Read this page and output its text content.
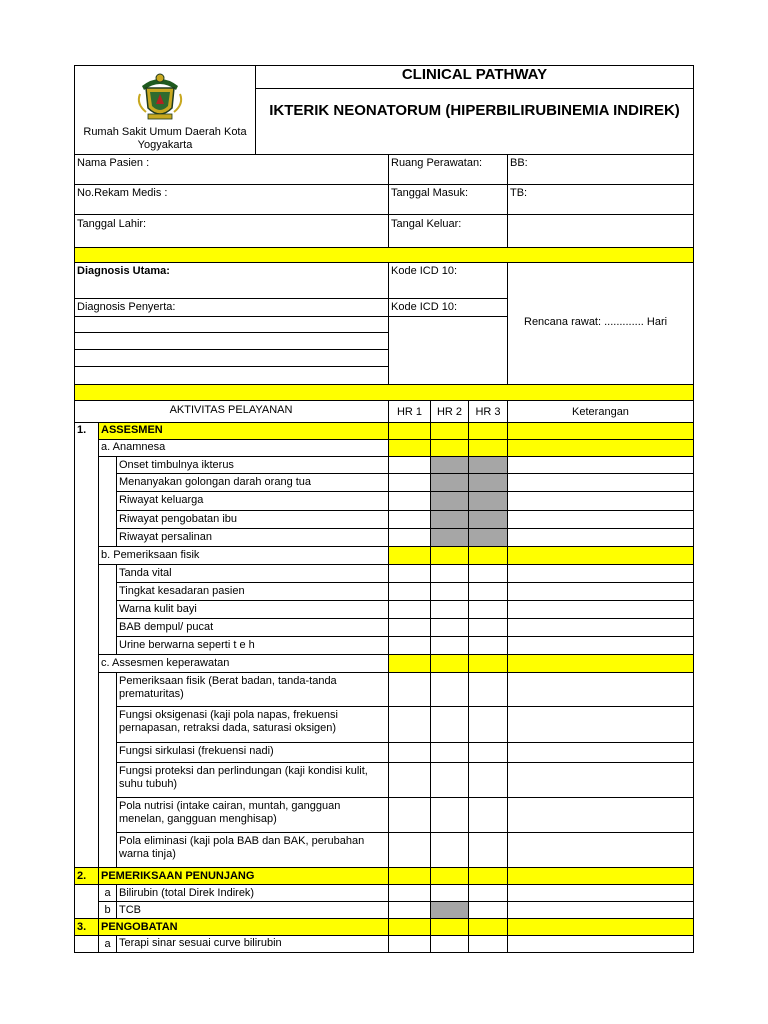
Rumah Sakit Umum Daerah Kota Yogyakarta
CLINICAL PATHWAY
IKTERIK NEONATORUM (HIPERBILIRUBINEMIA INDIREK)
Nama Pasien :	Ruang Perawatan:	BB:
No.Rekam Medis :	Tanggal Masuk:	TB:
Tanggal Lahir:	Tangal Keluar:
Diagnosis Utama:	Kode ICD 10:
Diagnosis Penyerta:	Kode ICD 10:
Rencana rawat: ............. Hari
AKTIVITAS PELAYANAN	HR 1	HR 2	HR 3	Keterangan
1. ASSESMEN
a. Anamnesa
Onset timbulnya ikterus
Menanyakan golongan darah orang tua
Riwayat keluarga
Riwayat pengobatan ibu
Riwayat persalinan
b. Pemeriksaan fisik
Tanda vital
Tingkat kesadaran pasien
Warna kulit bayi
BAB dempul/ pucat
Urine berwarna seperti t e h
c. Assesmen keperawatan
Pemeriksaan fisik (Berat badan, tanda-tanda prematuritas)
Fungsi oksigenasi (kaji pola napas, frekuensi pernapasan, retraksi dada, saturasi oksigen)
Fungsi sirkulasi (frekuensi nadi)
Fungsi proteksi dan perlindungan (kaji kondisi kulit, suhu tubuh)
Pola nutrisi (intake cairan, muntah, gangguan menelan, gangguan menghisap)
Pola eliminasi (kaji pola BAB dan BAK, perubahan warna tinja)
2. PEMERIKSAAN PENUNJANG
a Bilirubin (total Direk Indirek)
b TCB
3. PENGOBATAN
a Terapi sinar sesuai curve bilirubin
